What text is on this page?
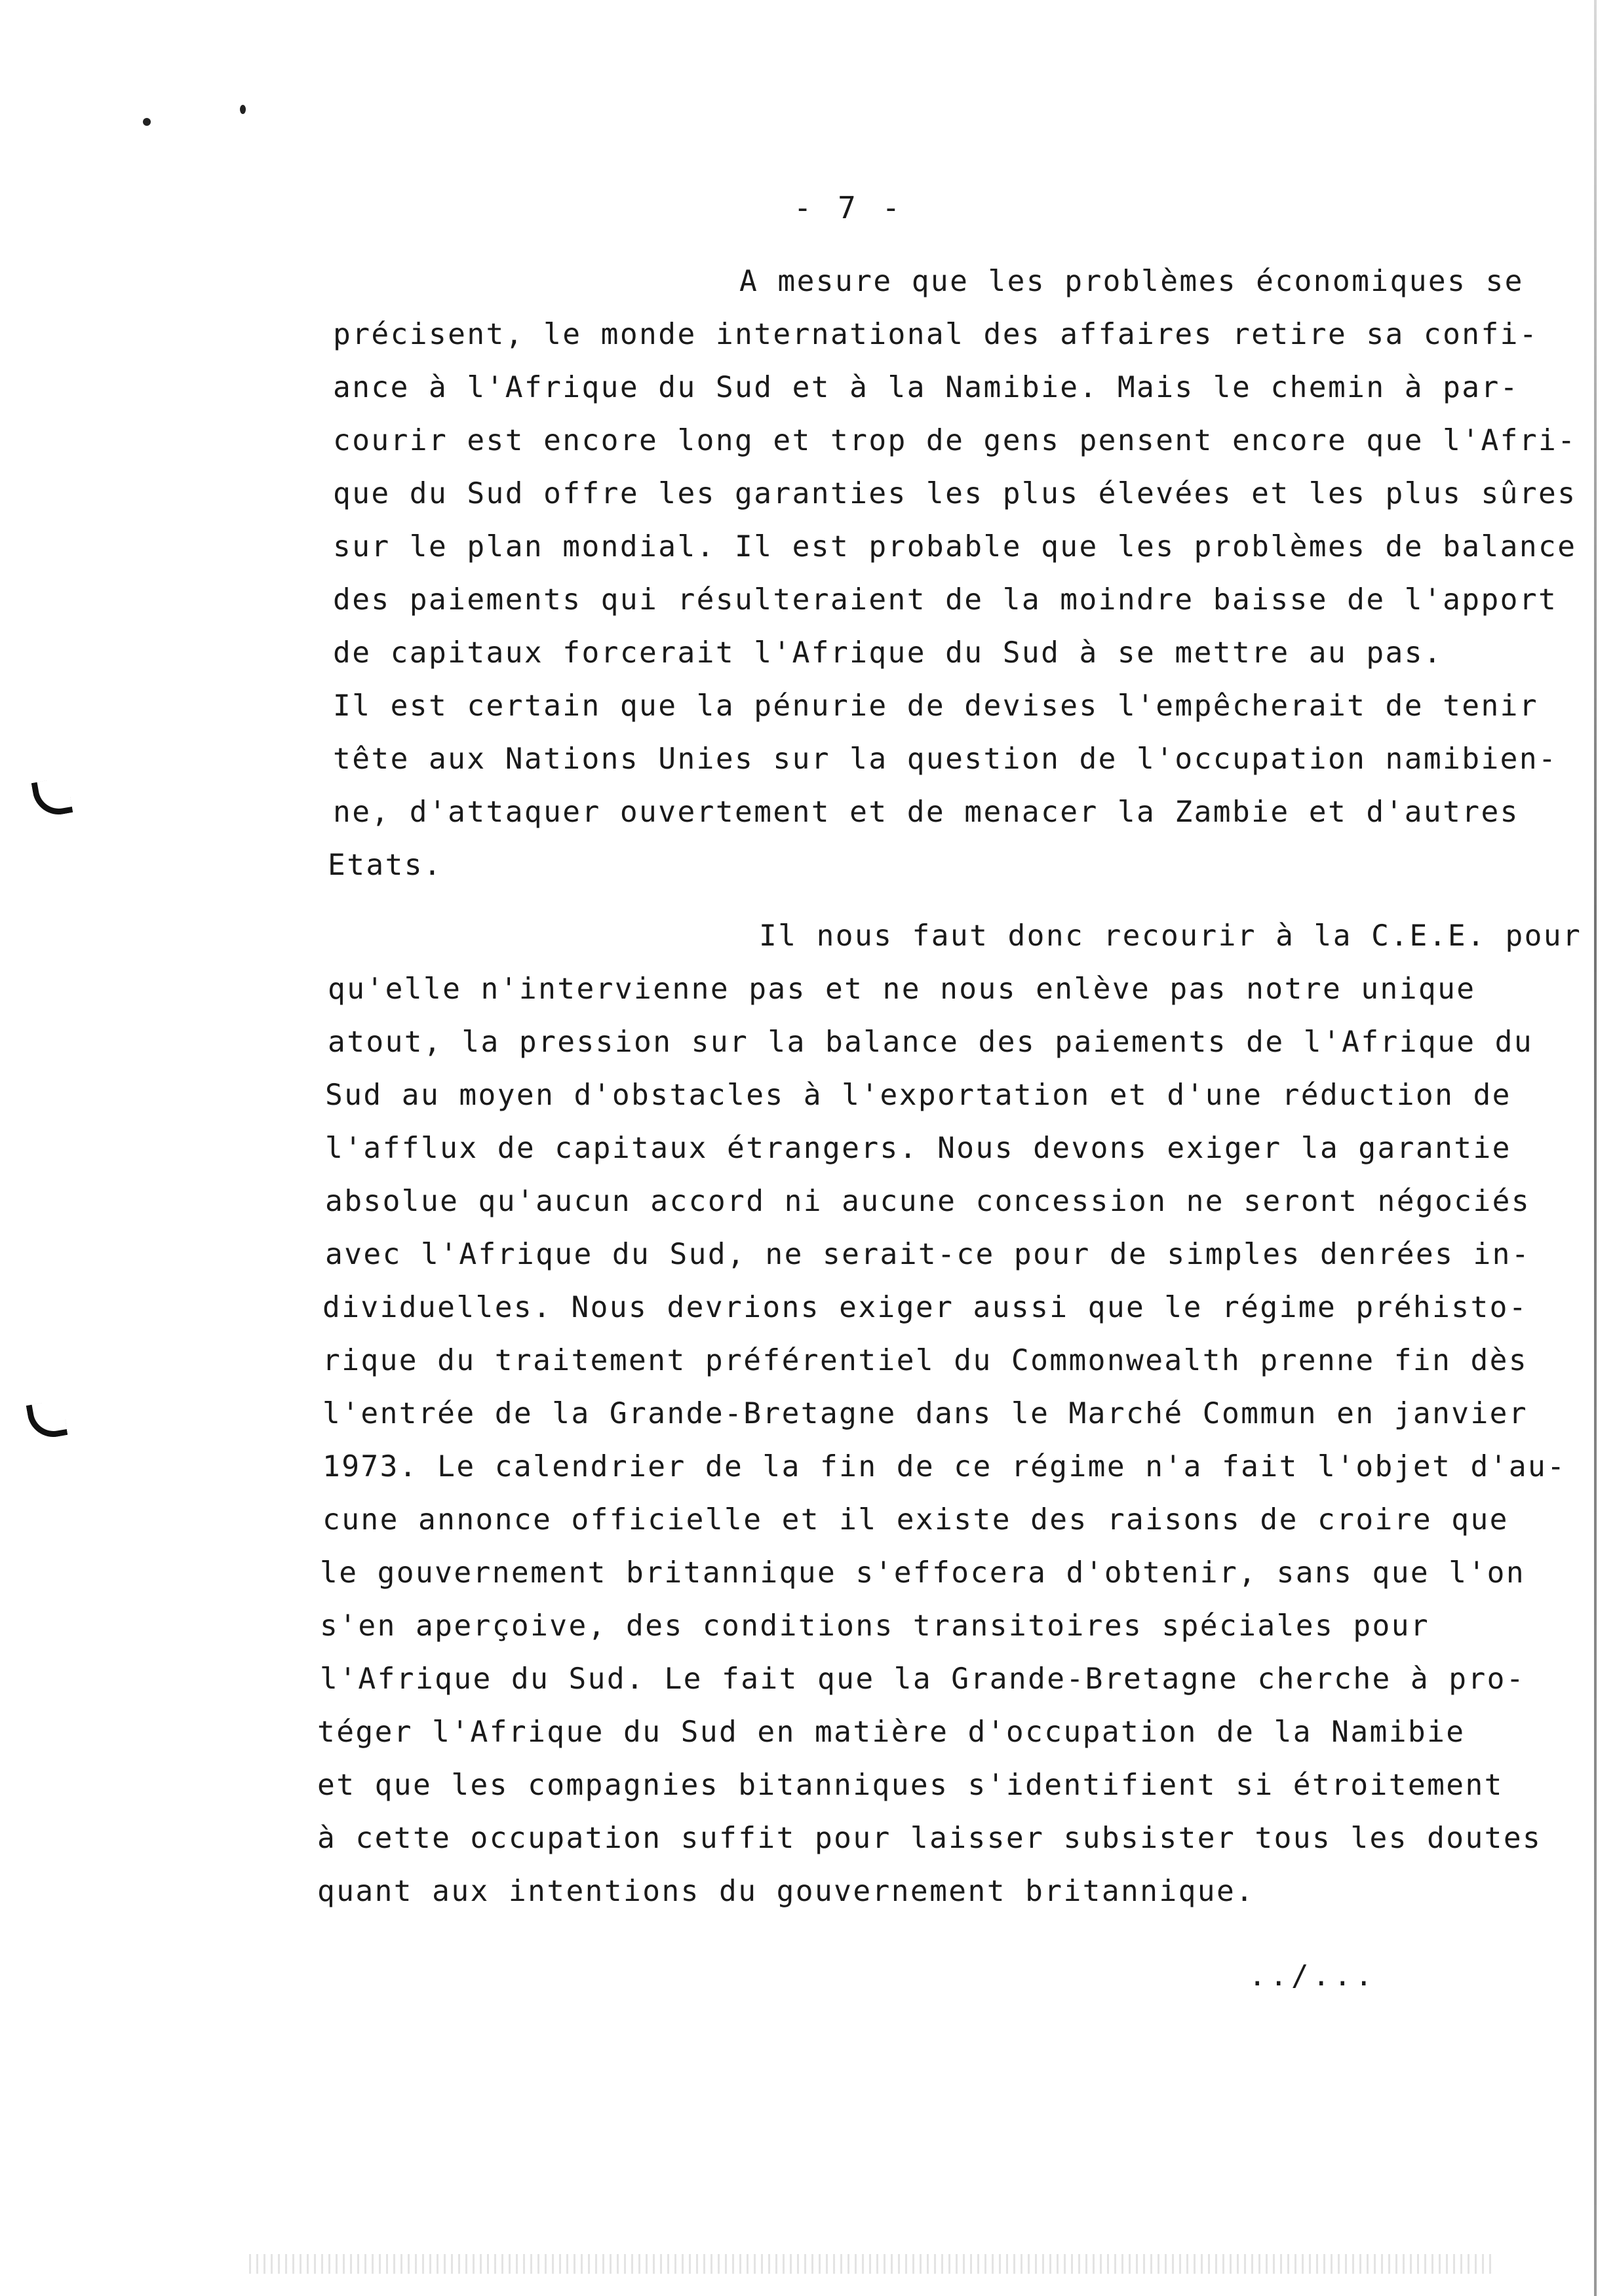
- 7 -
A mesure que les problèmes économiques se
précisent, le monde international des affaires retire sa confi-
ance à l'Afrique du Sud et à la Namibie. Mais le chemin à par-
courir est encore long et trop de gens pensent encore que l'Afri-
que du Sud offre les garanties les plus élevées et les plus sûres
sur le plan mondial. Il est probable que les problèmes de balance
des paiements qui résulteraient de la moindre baisse de l'apport
de capitaux forcerait l'Afrique du Sud à se mettre au pas.
Il est certain que la pénurie de devises l'empêcherait de tenir
tête aux Nations Unies sur la question de l'occupation namibien-
ne, d'attaquer ouvertement et de menacer la Zambie et d'autres
Etats.
Il nous faut donc recourir à la C.E.E. pour
qu'elle n'intervienne pas et ne nous enlève pas notre unique
atout, la pression sur la balance des paiements de l'Afrique du
Sud au moyen d'obstacles à l'exportation et d'une réduction de
l'afflux de capitaux étrangers. Nous devons exiger la garantie
absolue qu'aucun accord ni aucune concession ne seront négociés
avec l'Afrique du Sud, ne serait-ce pour de simples denrées in-
dividuelles. Nous devrions exiger aussi que le régime préhisto-
rique du traitement préférentiel du Commonwealth prenne fin dès
l'entrée de la Grande-Bretagne dans le Marché Commun en janvier
1973. Le calendrier de la fin de ce régime n'a fait l'objet d'au-
cune annonce officielle et il existe des raisons de croire que
le gouvernement britannique s'effocera d'obtenir, sans que l'on
s'en aperçoive, des conditions transitoires spéciales pour
l'Afrique du Sud. Le fait que la Grande-Bretagne cherche à pro-
téger l'Afrique du Sud en matière d'occupation de la Namibie
et que les compagnies bitanniques s'identifient si étroitement
à cette occupation suffit pour laisser subsister tous les doutes
quant aux intentions du gouvernement britannique.
../...
